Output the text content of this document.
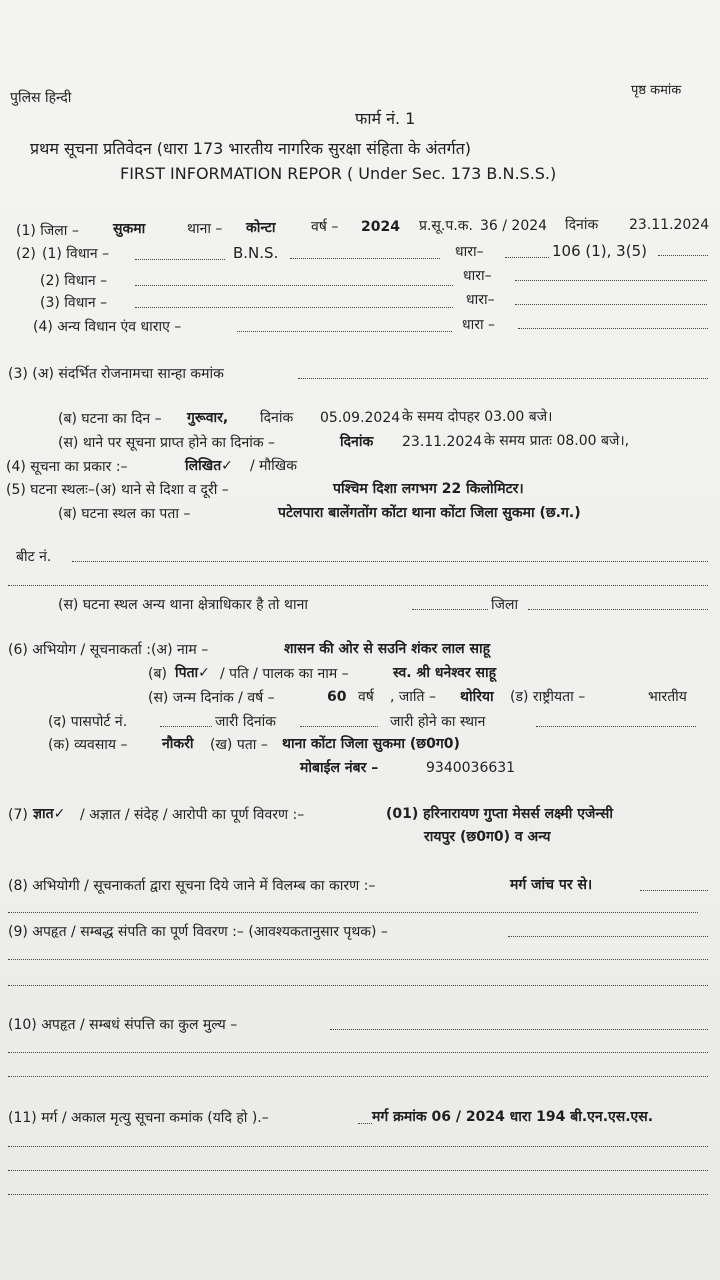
पुलिस हिन्दी	पृष्ठ कमांक
फार्म नं. 1
प्रथम सूचना प्रतिवेदन (धारा 173 भारतीय नागरिक सुरक्षा संहिता के अंतर्गत)
FIRST INFORMATION REPOR ( Under Sec. 173 B.N.S.S.)
(1) जिला – सुकमा	थाना – कोन्टा	वर्ष – 2024 प्र.सू.प.क. 36 / 2024 दिनांक 23.11.2024
(2) (1) विधान –	B.N.S.	धारा–	106 (1), 3(5)
(2) विधान –	धारा–
(3) विधान –	धारा–
(4) अन्य विधान एंव धाराए –	धारा –
(3) (अ) संदर्भित रोजनामचा सान्हा कमांक
(ब) घटना का दिन – गुरूवार, दिनांक 05.09.2024 के समय दोपहर 03.00 बजे।
(स) थाने पर सूचना प्राप्त होने का दिनांक –	दिनांक 23.11.2024 के समय प्रातः 08.00 बजे।,
(4) सूचना का प्रकार :–	लिखित✓ / मौखिक
(5) घटना स्थलः–(अ) थाने से दिशा व दूरी –	पश्चिम दिशा लगभग 22 किलोमिटर।
(ब) घटना स्थल का पता –	पटेलपारा बालेंगतोंग कोंटा थाना कोंटा जिला सुकमा (छ.ग.)
बीट नं.
(स) घटना स्थल अन्य थाना क्षेत्राधिकार है तो थाना	जिला
(6) अभियोग / सूचनाकर्ता :(अ) नाम –	शासन की ओर से सउनि शंकर लाल साहू
(ब) पिता✓ / पति / पालक का नाम –	स्व. श्री धनेश्वर साहू
(स) जन्म दिनांक / वर्ष –	60 वर्ष , जाति – थोरिया (ड) राष्ट्रीयता –	भारतीय
(द) पासपोर्ट नं.	जारी दिनांक	जारी होने का स्थान
(क) व्यवसाय – नौकरी (ख) पता – थाना कोंटा जिला सुकमा (छ0ग0)
मोबाईल नंबर –	9340036631
(7) ज्ञात✓ / अज्ञात / संदेह / आरोपी का पूर्ण विवरण :–	(01) हरिनारायण गुप्ता मेसर्स लक्ष्मी एजेन्सी
रायपुर (छ0ग0) व अन्य
(8) अभियोगी / सूचनाकर्ता द्वारा सूचना दिये जाने में विलम्ब का कारण :–	मर्ग जांच पर से।
(9) अपहृत / सम्बद्ध संपति का पूर्ण विवरण :– (आवश्यकतानुसार पृथक) –
(10) अपहृत / सम्बधं संपत्ति का कुल मुल्य –
(11) मर्ग / अकाल मृत्यु सूचना कमांक (यदि हो ).–	मर्ग क्रमांक 06 / 2024 धारा 194 बी.एन.एस.एस.
